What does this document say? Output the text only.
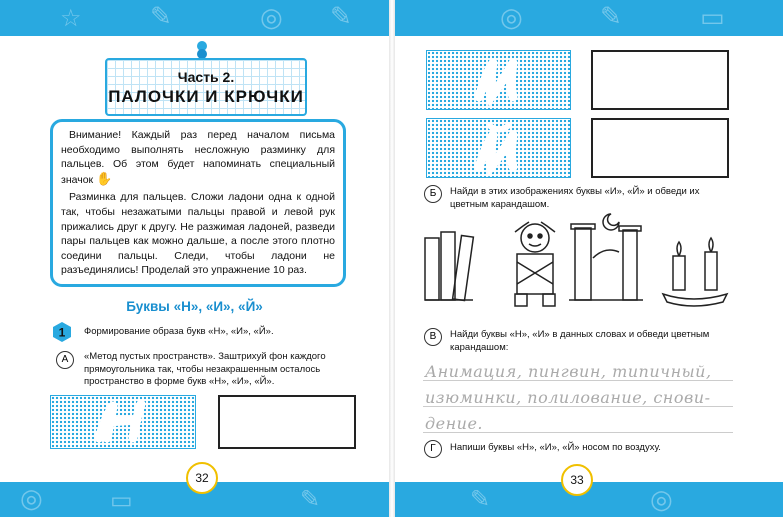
☆	✎	◎ ✎	◎	✎	▭
◎	▭	✎	✎	◎
Часть 2.
ПАЛОЧКИ И КРЮЧКИ

Внимание! Каждый раз перед началом письма необходимо выполнять несложную разминку для пальцев. Об этом будет напоминать специальный значок ✋

Разминка для пальцев. Сложи ладони одна к одной так, чтобы незажатыми пальцы правой и левой рук прижались друг к другу. Не разжимая ладоней, разведи пары пальцев как можно дальше, а после этого плотно соедини пальцы. Следи, чтобы ладони не разъединялись! Проделай это упражнение 10 раз.

Буквы «Н», «И», «Й»
1 Формирование образа букв «Н», «И», «Й».
А	«Метод пустых пространств». Заштрихуй фон каждого прямоугольника так, чтобы незакрашенным осталось пространство в форме букв «Н», «И», «Й».
32
Б	Найди в этих изображениях буквы «И», «Й» и обведи их цветным карандашом.
В	Найди буквы «Н», «И» в данных словах и обведи цветным карандашом:
Анимация, пингвин, типичный,
изюминки, полилование, снови-
дение.
Г	Напиши буквы «Н», «И», «Й» носом по воздуху.
33
